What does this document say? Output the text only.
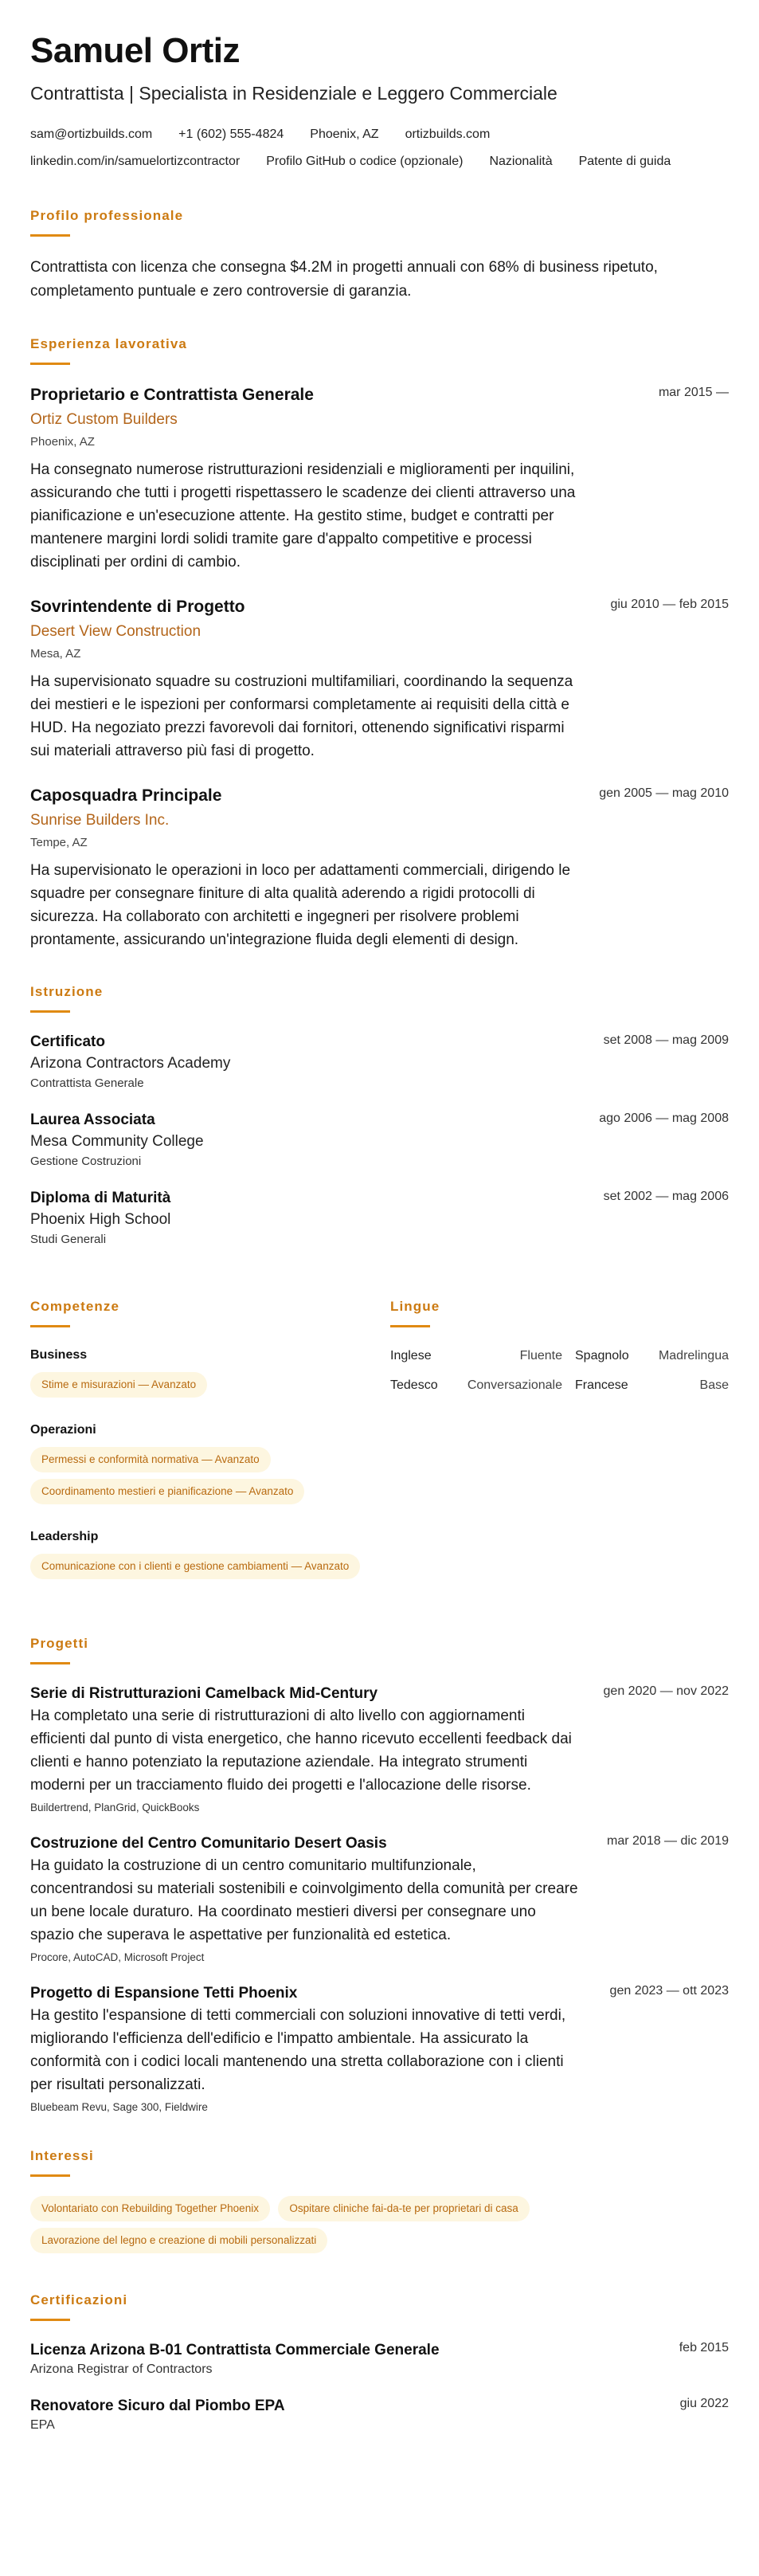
Samuel Ortiz
Contrattista | Specialista in Residenziale e Leggero Commerciale
sam@ortizbuilds.com +1 (602) 555-4824 Phoenix, AZ ortizbuilds.com
linkedin.com/in/samuelortizcontractor Profilo GitHub o codice (opzionale) Nazionalità Patente di guida
Profilo professionale

Contrattista con licenza che consegna $4.2M in progetti annuali con 68% di business ripetuto, completamento puntuale e zero controversie di garanzia.

Esperienza lavorativa
mar 2015 —
Proprietario e Contrattista Generale
Ortiz Custom Builders
Phoenix, AZ

Ha consegnato numerose ristrutturazioni residenziali e miglioramenti per inquilini, assicurando che tutti i progetti rispettassero le scadenze dei clienti attraverso una pianificazione e un'esecuzione attente. Ha gestito stime, budget e contratti per mantenere margini lordi solidi tramite gare d'appalto competitive e processi disciplinati per ordini di cambio.

giu 2010 — feb 2015
Sovrintendente di Progetto
Desert View Construction
Mesa, AZ

Ha supervisionato squadre su costruzioni multifamiliari, coordinando la sequenza dei mestieri e le ispezioni per conformarsi completamente ai requisiti della città e HUD. Ha negoziato prezzi favorevoli dai fornitori, ottenendo significativi risparmi sui materiali attraverso più fasi di progetto.

gen 2005 — mag 2010
Caposquadra Principale
Sunrise Builders Inc.
Tempe, AZ

Ha supervisionato le operazioni in loco per adattamenti commerciali, dirigendo le squadre per consegnare finiture di alta qualità aderendo a rigidi protocolli di sicurezza. Ha collaborato con architetti e ingegneri per risolvere problemi prontamente, assicurando un'integrazione fluida degli elementi di design.

Istruzione
set 2008 — mag 2009
Certificato
Arizona Contractors Academy
Contrattista Generale
ago 2006 — mag 2008
Laurea Associata
Mesa Community College
Gestione Costruzioni
set 2002 — mag 2006
Diploma di Maturità
Phoenix High School
Studi Generali
Competenze
Business
Stime e misurazioni — Avanzato
Operazioni
Permessi e conformità normativa — Avanzato
Coordinamento mestieri e pianificazione — Avanzato
Leadership
Comunicazione con i clienti e gestione cambiamenti — Avanzato
Lingue
Inglese	Fluente Spagnolo	Madrelingua
Tedesco	Conversazionale Francese	Base
Progetti
gen 2020 — nov 2022
Serie di Ristrutturazioni Camelback Mid-Century

Ha completato una serie di ristrutturazioni di alto livello con aggiornamenti efficienti dal punto di vista energetico, che hanno ricevuto eccellenti feedback dai clienti e hanno potenziato la reputazione aziendale. Ha integrato strumenti moderni per un tracciamento fluido dei progetti e l'allocazione delle risorse.

Buildertrend, PlanGrid, QuickBooks
mar 2018 — dic 2019
Costruzione del Centro Comunitario Desert Oasis

Ha guidato la costruzione di un centro comunitario multifunzionale, concentrandosi su materiali sostenibili e coinvolgimento della comunità per creare un bene locale duraturo. Ha coordinato mestieri diversi per consegnare uno spazio che superava le aspettative per funzionalità ed estetica.

Procore, AutoCAD, Microsoft Project
gen 2023 — ott 2023
Progetto di Espansione Tetti Phoenix

Ha gestito l'espansione di tetti commerciali con soluzioni innovative di tetti verdi, migliorando l'efficienza dell'edificio e l'impatto ambientale. Ha assicurato la conformità con i codici locali mantenendo una stretta collaborazione con i clienti per risultati personalizzati.

Bluebeam Revu, Sage 300, Fieldwire
Interessi
Volontariato con Rebuilding Together Phoenix	Ospitare cliniche fai-da-te per proprietari di casa Lavorazione del legno e creazione di mobili personalizzati
Certificazioni
feb 2015
Licenza Arizona B-01 Contrattista Commerciale Generale
Arizona Registrar of Contractors
giu 2022
Renovatore Sicuro dal Piombo EPA
EPA
